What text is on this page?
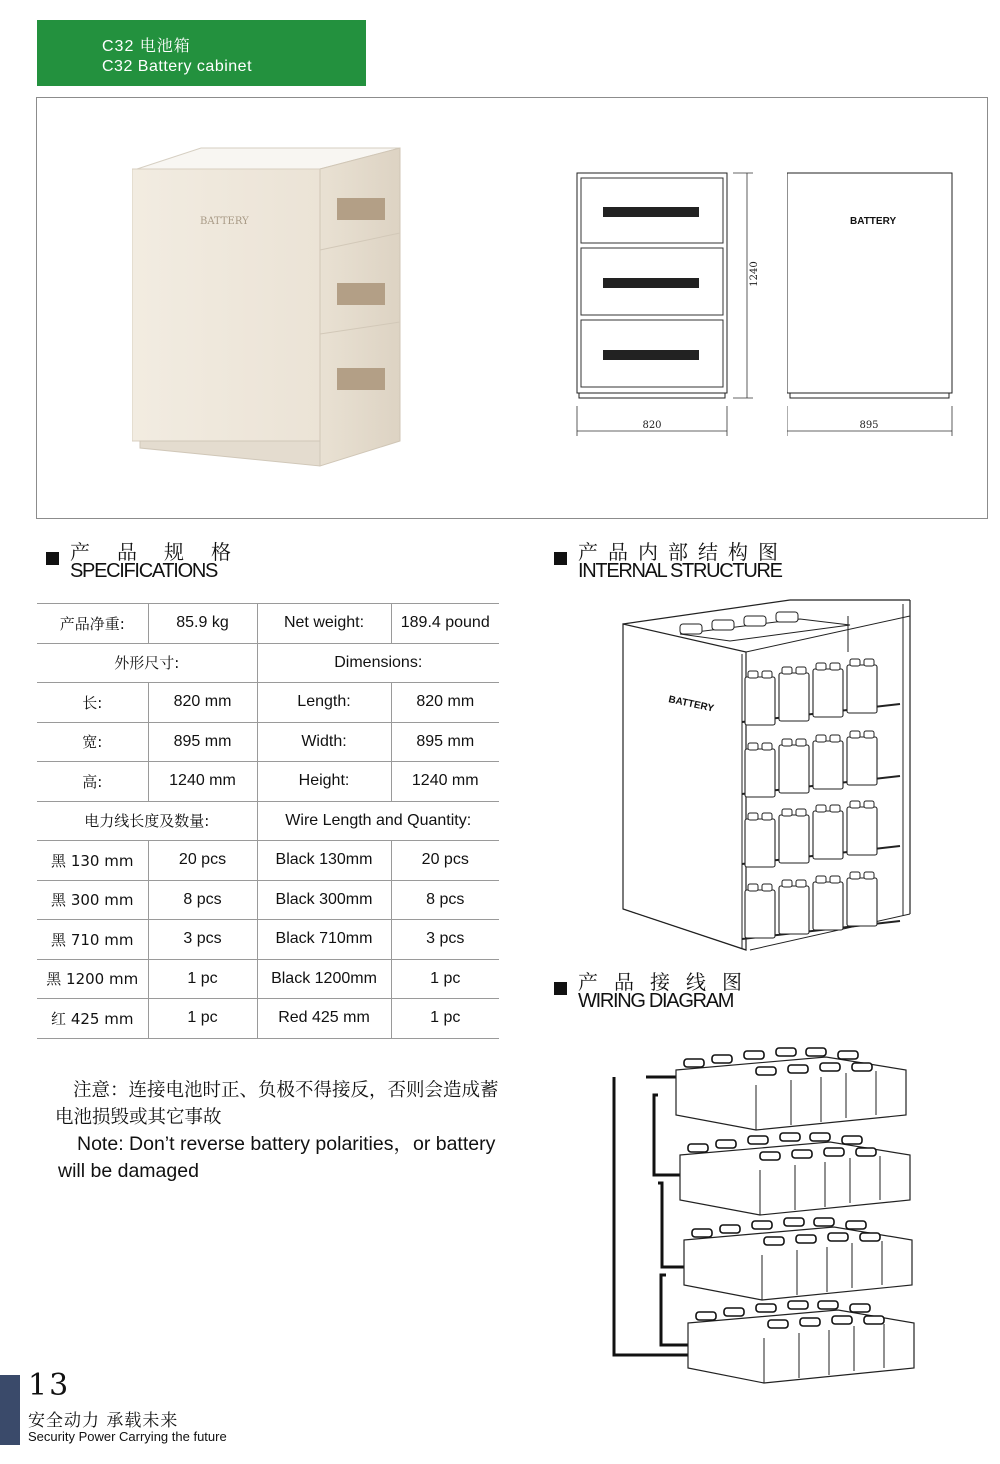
C32 电池箱
C32 Battery cabinet
BATTERY
1240
820
BATTERY
895
产品规格
SPECIFICATIONS
产品内部结构图
INTERNAL STRUCTURE
产品接线图
WIRING DIAGRAM
产品净重:	85.9 kg	Net weight:	189.4 pound
外形尺寸:		Dimensions:	
长:	820 mm	Length:	820 mm
宽:	895 mm	Width:	895 mm
高:	1240 mm	Height:	1240 mm
电力线长度及数量:		Wire Length and Quantity:	
黑 130 mm	20 pcs	Black 130mm	20 pcs
黑 300 mm	8 pcs	Black 300mm	8 pcs
黑 710 mm	3 pcs	Black 710mm	3 pcs
黑 1200 mm	1 pc	Black 1200mm	1 pc
红 425 mm	1 pc	Red 425 mm	1 pc
注意：连接电池时正、负极不得接反，否则会造成蓄电池损毁或其它事故
Note: Don’t reverse battery polarities，or battery will be damaged
BATTERY
13
安全动力 承载未来
Security Power Carrying the future
